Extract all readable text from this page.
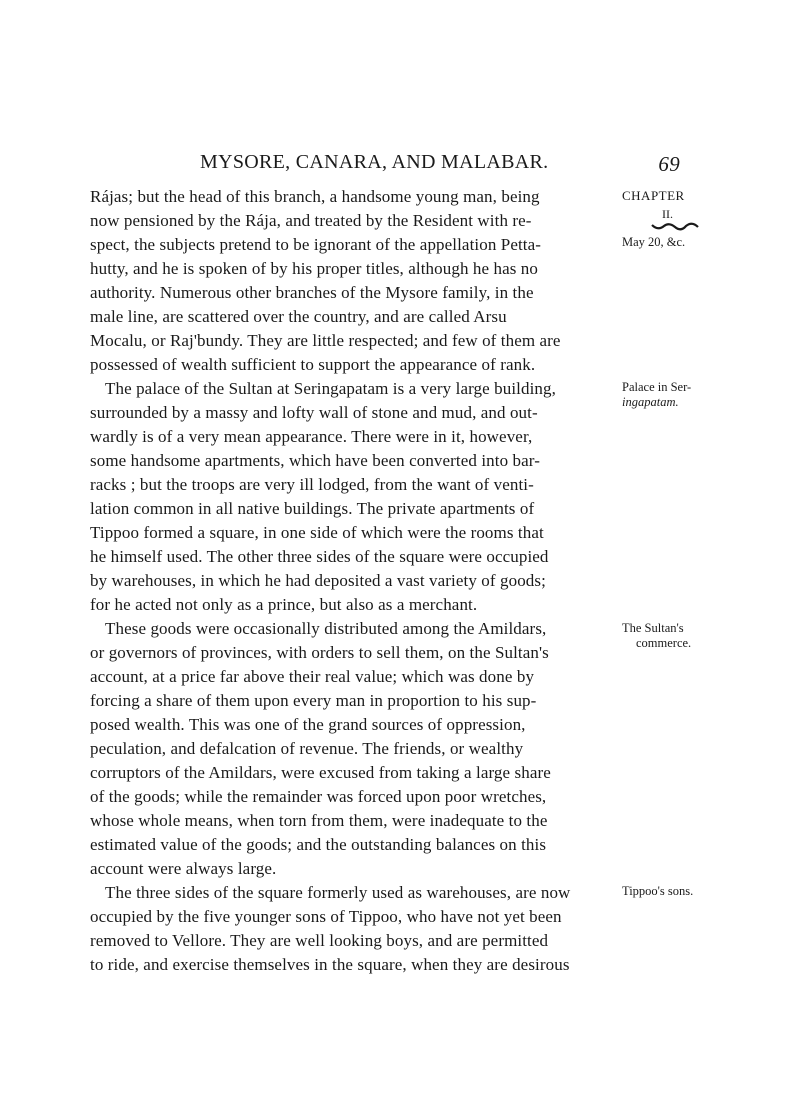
MYSORE, CANARA, AND MALABAR.	69
Rájas; but the head of this branch, a handsome young man, being
now pensioned by the Rája, and treated by the Resident with re-
spect, the subjects pretend to be ignorant of the appellation Petta-
hutty, and he is spoken of by his proper titles, although he has no
authority. Numerous other branches of the Mysore family, in the
male line, are scattered over the country, and are called Arsu
Mocalu, or Raj'bundy. They are little respected; and few of them are
possessed of wealth sufficient to support the appearance of rank.
The palace of the Sultan at Seringapatam is a very large building,
surrounded by a massy and lofty wall of stone and mud, and out-
wardly is of a very mean appearance. There were in it, however,
some handsome apartments, which have been converted into bar-
racks ; but the troops are very ill lodged, from the want of venti-
lation common in all native buildings. The private apartments of
Tippoo formed a square, in one side of which were the rooms that
he himself used. The other three sides of the square were occupied
by warehouses, in which he had deposited a vast variety of goods;
for he acted not only as a prince, but also as a merchant.
These goods were occasionally distributed among the Amildars,
or governors of provinces, with orders to sell them, on the Sultan's
account, at a price far above their real value; which was done by
forcing a share of them upon every man in proportion to his sup-
posed wealth. This was one of the grand sources of oppression,
peculation, and defalcation of revenue. The friends, or wealthy
corruptors of the Amildars, were excused from taking a large share
of the goods; while the remainder was forced upon poor wretches,
whose whole means, when torn from them, were inadequate to the
estimated value of the goods; and the outstanding balances on this
account were always large.
The three sides of the square formerly used as warehouses, are now
occupied by the five younger sons of Tippoo, who have not yet been
removed to Vellore. They are well looking boys, and are permitted
to ride, and exercise themselves in the square, when they are desirous
CHAPTER
II.
May 20, &c.
Palace in Ser-
ingapatam.
The Sultan's
commerce.
Tippoo's sons.
